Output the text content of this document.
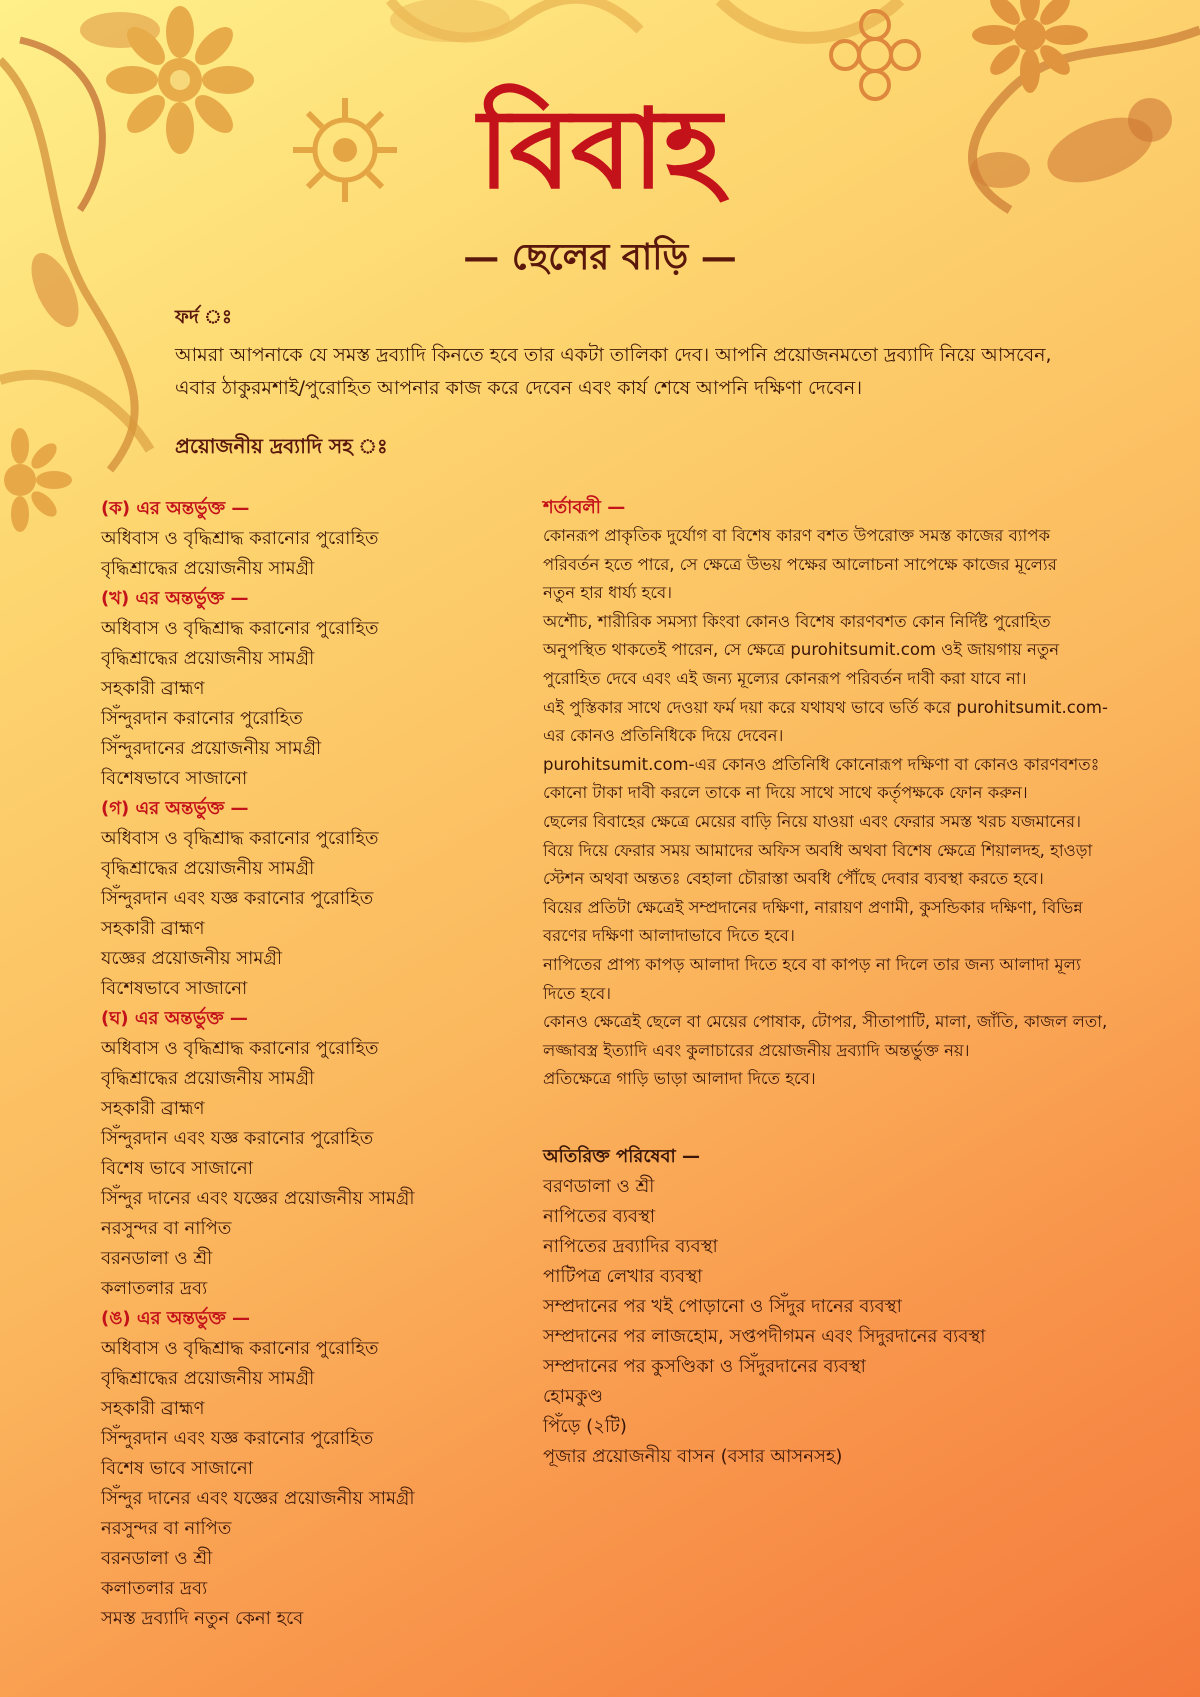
বিবাহ
— ছেলের বাড়ি —
ফর্দ ঃ
আমরা আপনাকে যে সমস্ত দ্রব্যাদি কিনতে হবে তার একটা তালিকা দেব। আপনি প্রয়োজনমতো দ্রব্যাদি নিয়ে আসবেন, এবার ঠাকুরমশাই/পুরোহিত আপনার কাজ করে দেবেন এবং কার্য শেষে আপনি দক্ষিণা দেবেন।
প্রয়োজনীয় দ্রব্যাদি সহ ঃ
(ক) এর অন্তর্ভুক্ত —
অধিবাস ও বৃদ্ধিশ্রাদ্ধ করানোর পুরোহিত
বৃদ্ধিশ্রাদ্ধের প্রয়োজনীয় সামগ্রী
(খ) এর অন্তর্ভুক্ত —
অধিবাস ও বৃদ্ধিশ্রাদ্ধ করানোর পুরোহিত
বৃদ্ধিশ্রাদ্ধের প্রয়োজনীয় সামগ্রী
সহকারী ব্রাহ্মণ
সিঁন্দুরদান করানোর পুরোহিত
সিঁন্দুরদানের প্রয়োজনীয় সামগ্রী
বিশেষভাবে সাজানো
(গ) এর অন্তর্ভুক্ত —
অধিবাস ও বৃদ্ধিশ্রাদ্ধ করানোর পুরোহিত
বৃদ্ধিশ্রাদ্ধের প্রয়োজনীয় সামগ্রী
সিঁন্দুরদান এবং যজ্ঞ করানোর পুরোহিত
সহকারী ব্রাহ্মণ
যজ্ঞের প্রয়োজনীয় সামগ্রী
বিশেষভাবে সাজানো
(ঘ) এর অন্তর্ভুক্ত —
অধিবাস ও বৃদ্ধিশ্রাদ্ধ করানোর পুরোহিত
বৃদ্ধিশ্রাদ্ধের প্রয়োজনীয় সামগ্রী
সহকারী ব্রাহ্মণ
সিঁন্দুরদান এবং যজ্ঞ করানোর পুরোহিত
বিশেষ ভাবে সাজানো
সিঁন্দুর দানের এবং যজ্ঞের প্রয়োজনীয় সামগ্রী
নরসুন্দর বা নাপিত
বরনডালা ও শ্রী
কলাতলার দ্রব্য
(ঙ) এর অন্তর্ভুক্ত —
অধিবাস ও বৃদ্ধিশ্রাদ্ধ করানোর পুরোহিত
বৃদ্ধিশ্রাদ্ধের প্রয়োজনীয় সামগ্রী
সহকারী ব্রাহ্মণ
সিঁন্দুরদান এবং যজ্ঞ করানোর পুরোহিত
বিশেষ ভাবে সাজানো
সিঁন্দুর দানের এবং যজ্ঞের প্রয়োজনীয় সামগ্রী
নরসুন্দর বা নাপিত
বরনডালা ও শ্রী
কলাতলার দ্রব্য
সমস্ত দ্রব্যাদি নতুন কেনা হবে
শর্তাবলী —
কোনরূপ প্রাকৃতিক দুর্যোগ বা বিশেষ কারণ বশত উপরোক্ত সমস্ত কাজের ব্যাপক
পরিবর্তন হতে পারে, সে ক্ষেত্রে উভয় পক্ষের আলোচনা সাপেক্ষে কাজের মূল্যের
নতুন হার ধার্য্য হবে।
অশৌচ, শারীরিক সমস্যা কিংবা কোনও বিশেষ কারণবশত কোন নির্দিষ্ট পুরোহিত
অনুপস্থিত থাকতেই পারেন, সে ক্ষেত্রে purohitsumit.com ওই জায়গায় নতুন
পুরোহিত দেবে এবং এই জন্য মূল্যের কোনরূপ পরিবর্তন দাবী করা যাবে না।
এই পুস্তিকার সাথে দেওয়া ফর্ম দয়া করে যথাযথ ভাবে ভর্তি করে purohitsumit.com-
এর কোনও প্রতিনিধিকে দিয়ে দেবেন।
purohitsumit.com-এর কোনও প্রতিনিধি কোনোরূপ দক্ষিণা বা কোনও কারণবশতঃ
কোনো টাকা দাবী করলে তাকে না দিয়ে সাথে সাথে কর্তৃপক্ষকে ফোন করুন।
ছেলের বিবাহের ক্ষেত্রে মেয়ের বাড়ি নিয়ে যাওয়া এবং ফেরার সমস্ত খরচ যজমানের।
বিয়ে দিয়ে ফেরার সময় আমাদের অফিস অবধি অথবা বিশেষ ক্ষেত্রে শিয়ালদহ, হাওড়া
স্টেশন অথবা অন্ততঃ বেহালা চৌরাস্তা অবধি পৌঁছে দেবার ব্যবস্থা করতে হবে।
বিয়ের প্রতিটা ক্ষেত্রেই সম্প্রদানের দক্ষিণা, নারায়ণ প্রণামী, কুসন্ডিকার দক্ষিণা, বিভিন্ন
বরণের দক্ষিণা আলাদাভাবে দিতে হবে।
নাপিতের প্রাপ্য কাপড় আলাদা দিতে হবে বা কাপড় না দিলে তার জন্য আলাদা মূল্য
দিতে হবে।
কোনও ক্ষেত্রেই ছেলে বা মেয়ের পোষাক, টোপর, সীতাপাটি, মালা, জাঁতি, কাজল লতা,
লজ্জাবস্ত্র ইত্যাদি এবং কুলাচারের প্রয়োজনীয় দ্রব্যাদি অন্তর্ভুক্ত নয়।
প্রতিক্ষেত্রে গাড়ি ভাড়া আলাদা দিতে হবে।
অতিরিক্ত পরিষেবা —
বরণডালা ও শ্রী
নাপিতের ব্যবস্থা
নাপিতের দ্রব্যাদির ব্যবস্থা
পাটিপত্র লেখার ব্যবস্থা
সম্প্রদানের পর খই পোড়ানো ও সিঁদুর দানের ব্যবস্থা
সম্প্রদানের পর লাজহোম, সপ্তপদীগমন এবং সিদুরদানের ব্যবস্থা
সম্প্রদানের পর কুসণ্ডিকা ও সিঁদুরদানের ব্যবস্থা
হোমকুণ্ড
পিঁড়ে (২টি)
পূজার প্রয়োজনীয় বাসন (বসার আসনসহ)
